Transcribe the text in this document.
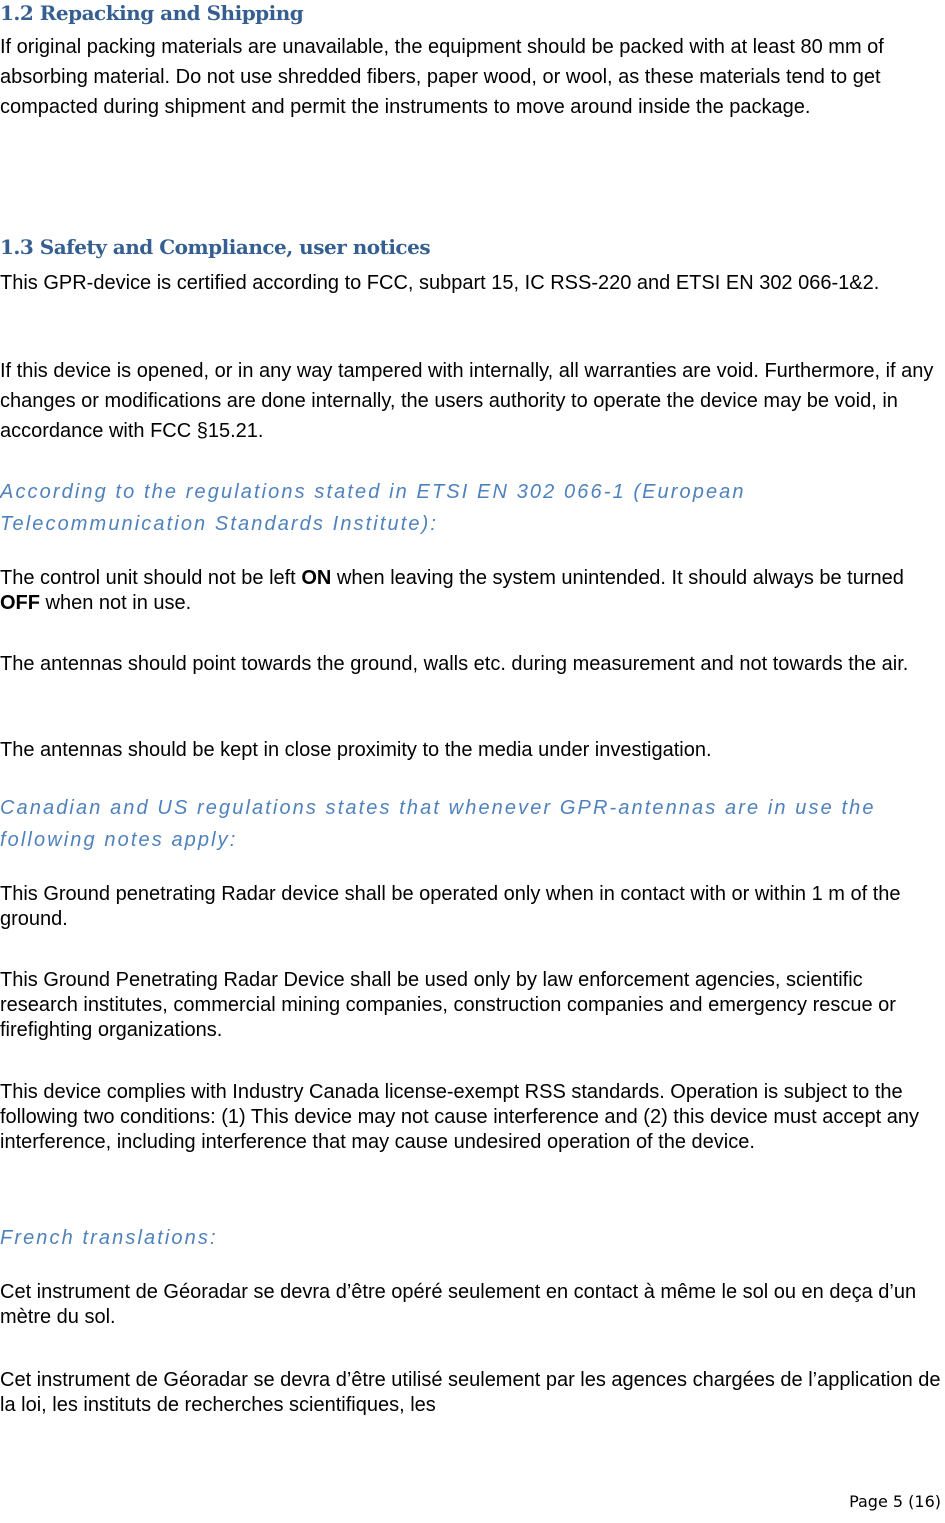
1.2 Repacking and Shipping

If original packing materials are unavailable, the equipment should be packed with at least 80 mm of absorbing material. Do not use shredded fibers, paper wood, or wool, as these materials tend to get compacted during shipment and permit the instruments to move around inside the package.

1.3 Safety and Compliance, user notices

This GPR-device is certified according to FCC, subpart 15, IC RSS-220 and ETSI EN 302 066-1&2.

If this device is opened, or in any way tampered with internally, all warranties are void. Furthermore, if any changes or modifications are done internally, the users authority to operate the device may be void, in accordance with FCC §15.21.

According to the regulations stated in ETSI EN 302 066-1 (European Telecommunication Standards Institute):

The control unit should not be left ON when leaving the system unintended. It should always be turned OFF when not in use.

The antennas should point towards the ground, walls etc. during measurement and not towards the air.

The antennas should be kept in close proximity to the media under investigation.

Canadian and US regulations states that whenever GPR-antennas are in use the following notes apply:

This Ground penetrating Radar device shall be operated only when in contact with or within 1 m of the ground.

This Ground Penetrating Radar Device shall be used only by law enforcement agencies, scientific research institutes, commercial mining companies, construction companies and emergency rescue or firefighting organizations.

This device complies with Industry Canada license-exempt RSS standards. Operation is subject to the following two conditions: (1) This device may not cause interference and (2) this device must accept any interference, including interference that may cause undesired operation of the device.

French translations:

Cet instrument de Géoradar se devra d’être opéré seulement en contact à même le sol ou en deça d’un mètre du sol.

Cet instrument de Géoradar se devra d’être utilisé seulement par les agences chargées de l’application de la loi, les instituts de recherches scientifiques, les

Page 5 (16)
